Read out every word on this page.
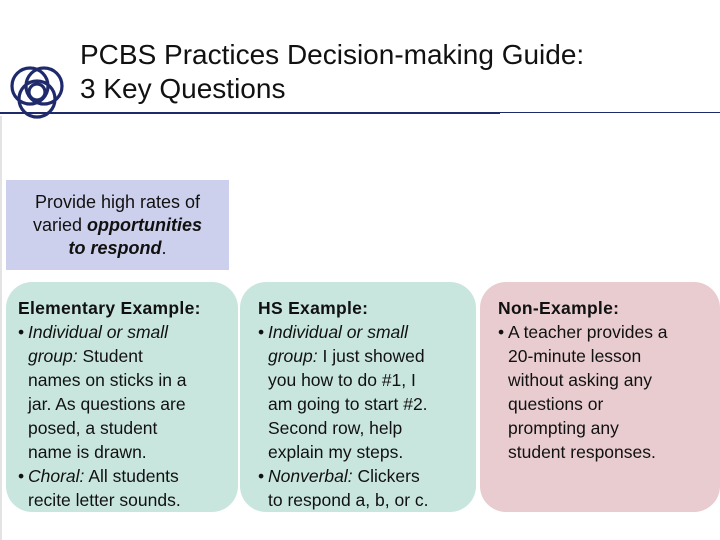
PCBS Practices Decision-making Guide:
3 Key Questions
Provide high rates of
varied opportunities
to respond.
Elementary Example:
• Individual or small
group: Student
names on sticks in a
jar. As questions are
posed, a student
name is drawn.
• Choral: All students
recite letter sounds.
HS Example:
• Individual or small
group: I just showed
you how to do #1, I
am going to start #2.
Second row, help
explain my steps.
• Nonverbal: Clickers
to respond a, b, or c.
Non-Example:
• A teacher provides a
20-minute lesson
without asking any
questions or
prompting any
student responses.
